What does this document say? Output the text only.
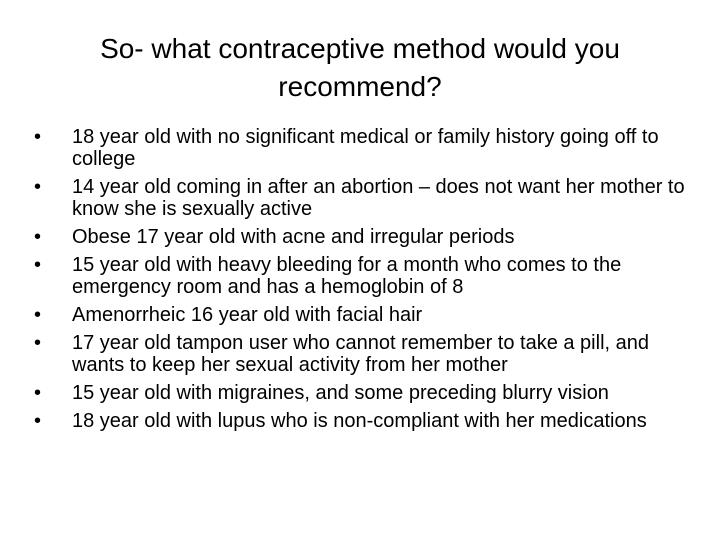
So- what contraceptive method would you recommend?
•	18 year old with no significant medical or family history going off to college
•	14 year old coming in after an abortion – does not want her mother to know she is sexually active
•	Obese 17 year old with acne and irregular periods
•	15 year old with heavy bleeding for a month who comes to the emergency room and has a hemoglobin of 8
•	Amenorrheic 16 year old with facial hair
•	17 year old tampon user who cannot remember to take a pill, and wants to keep her sexual activity from her mother
•	15 year old with migraines, and some preceding blurry vision
•	18 year old with lupus who is non-compliant with her medications
